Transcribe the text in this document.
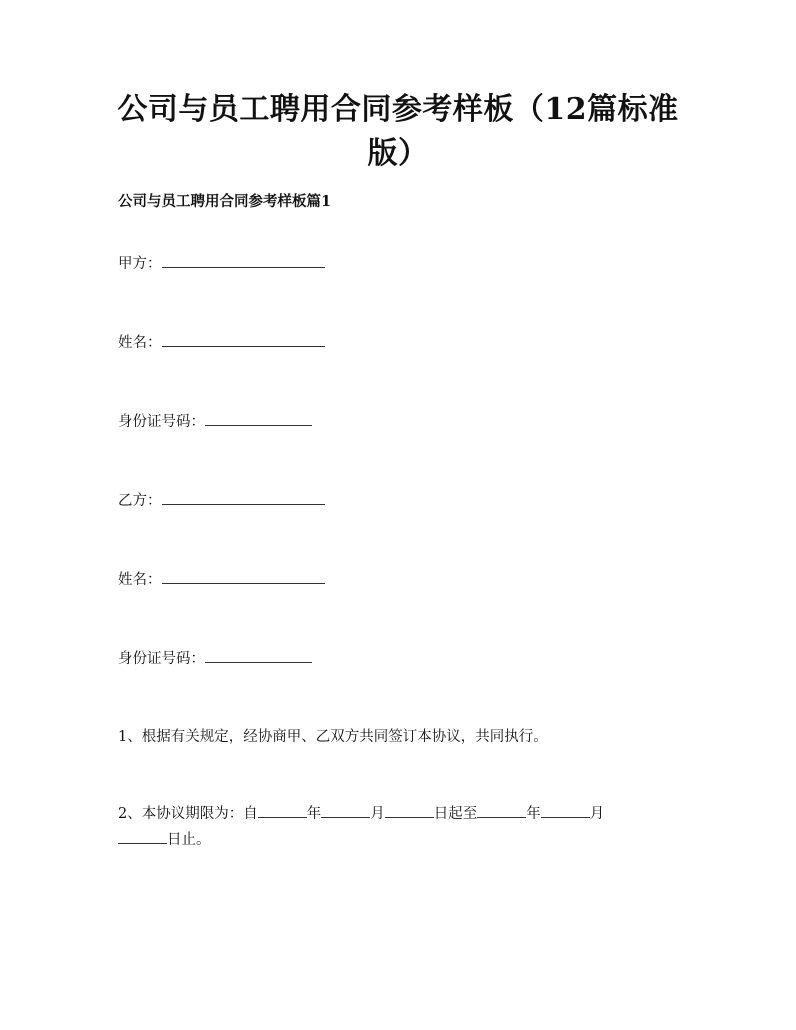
公司与员工聘用合同参考样板（12篇标准
版）
公司与员工聘用合同参考样板篇1
甲方：
姓名：
身份证号码：
乙方：
姓名：
身份证号码：
1、根据有关规定，经协商甲、乙双方共同签订本协议，共同执行。
2、本协议期限为：自	年	月	日起至	年	月
日止。
